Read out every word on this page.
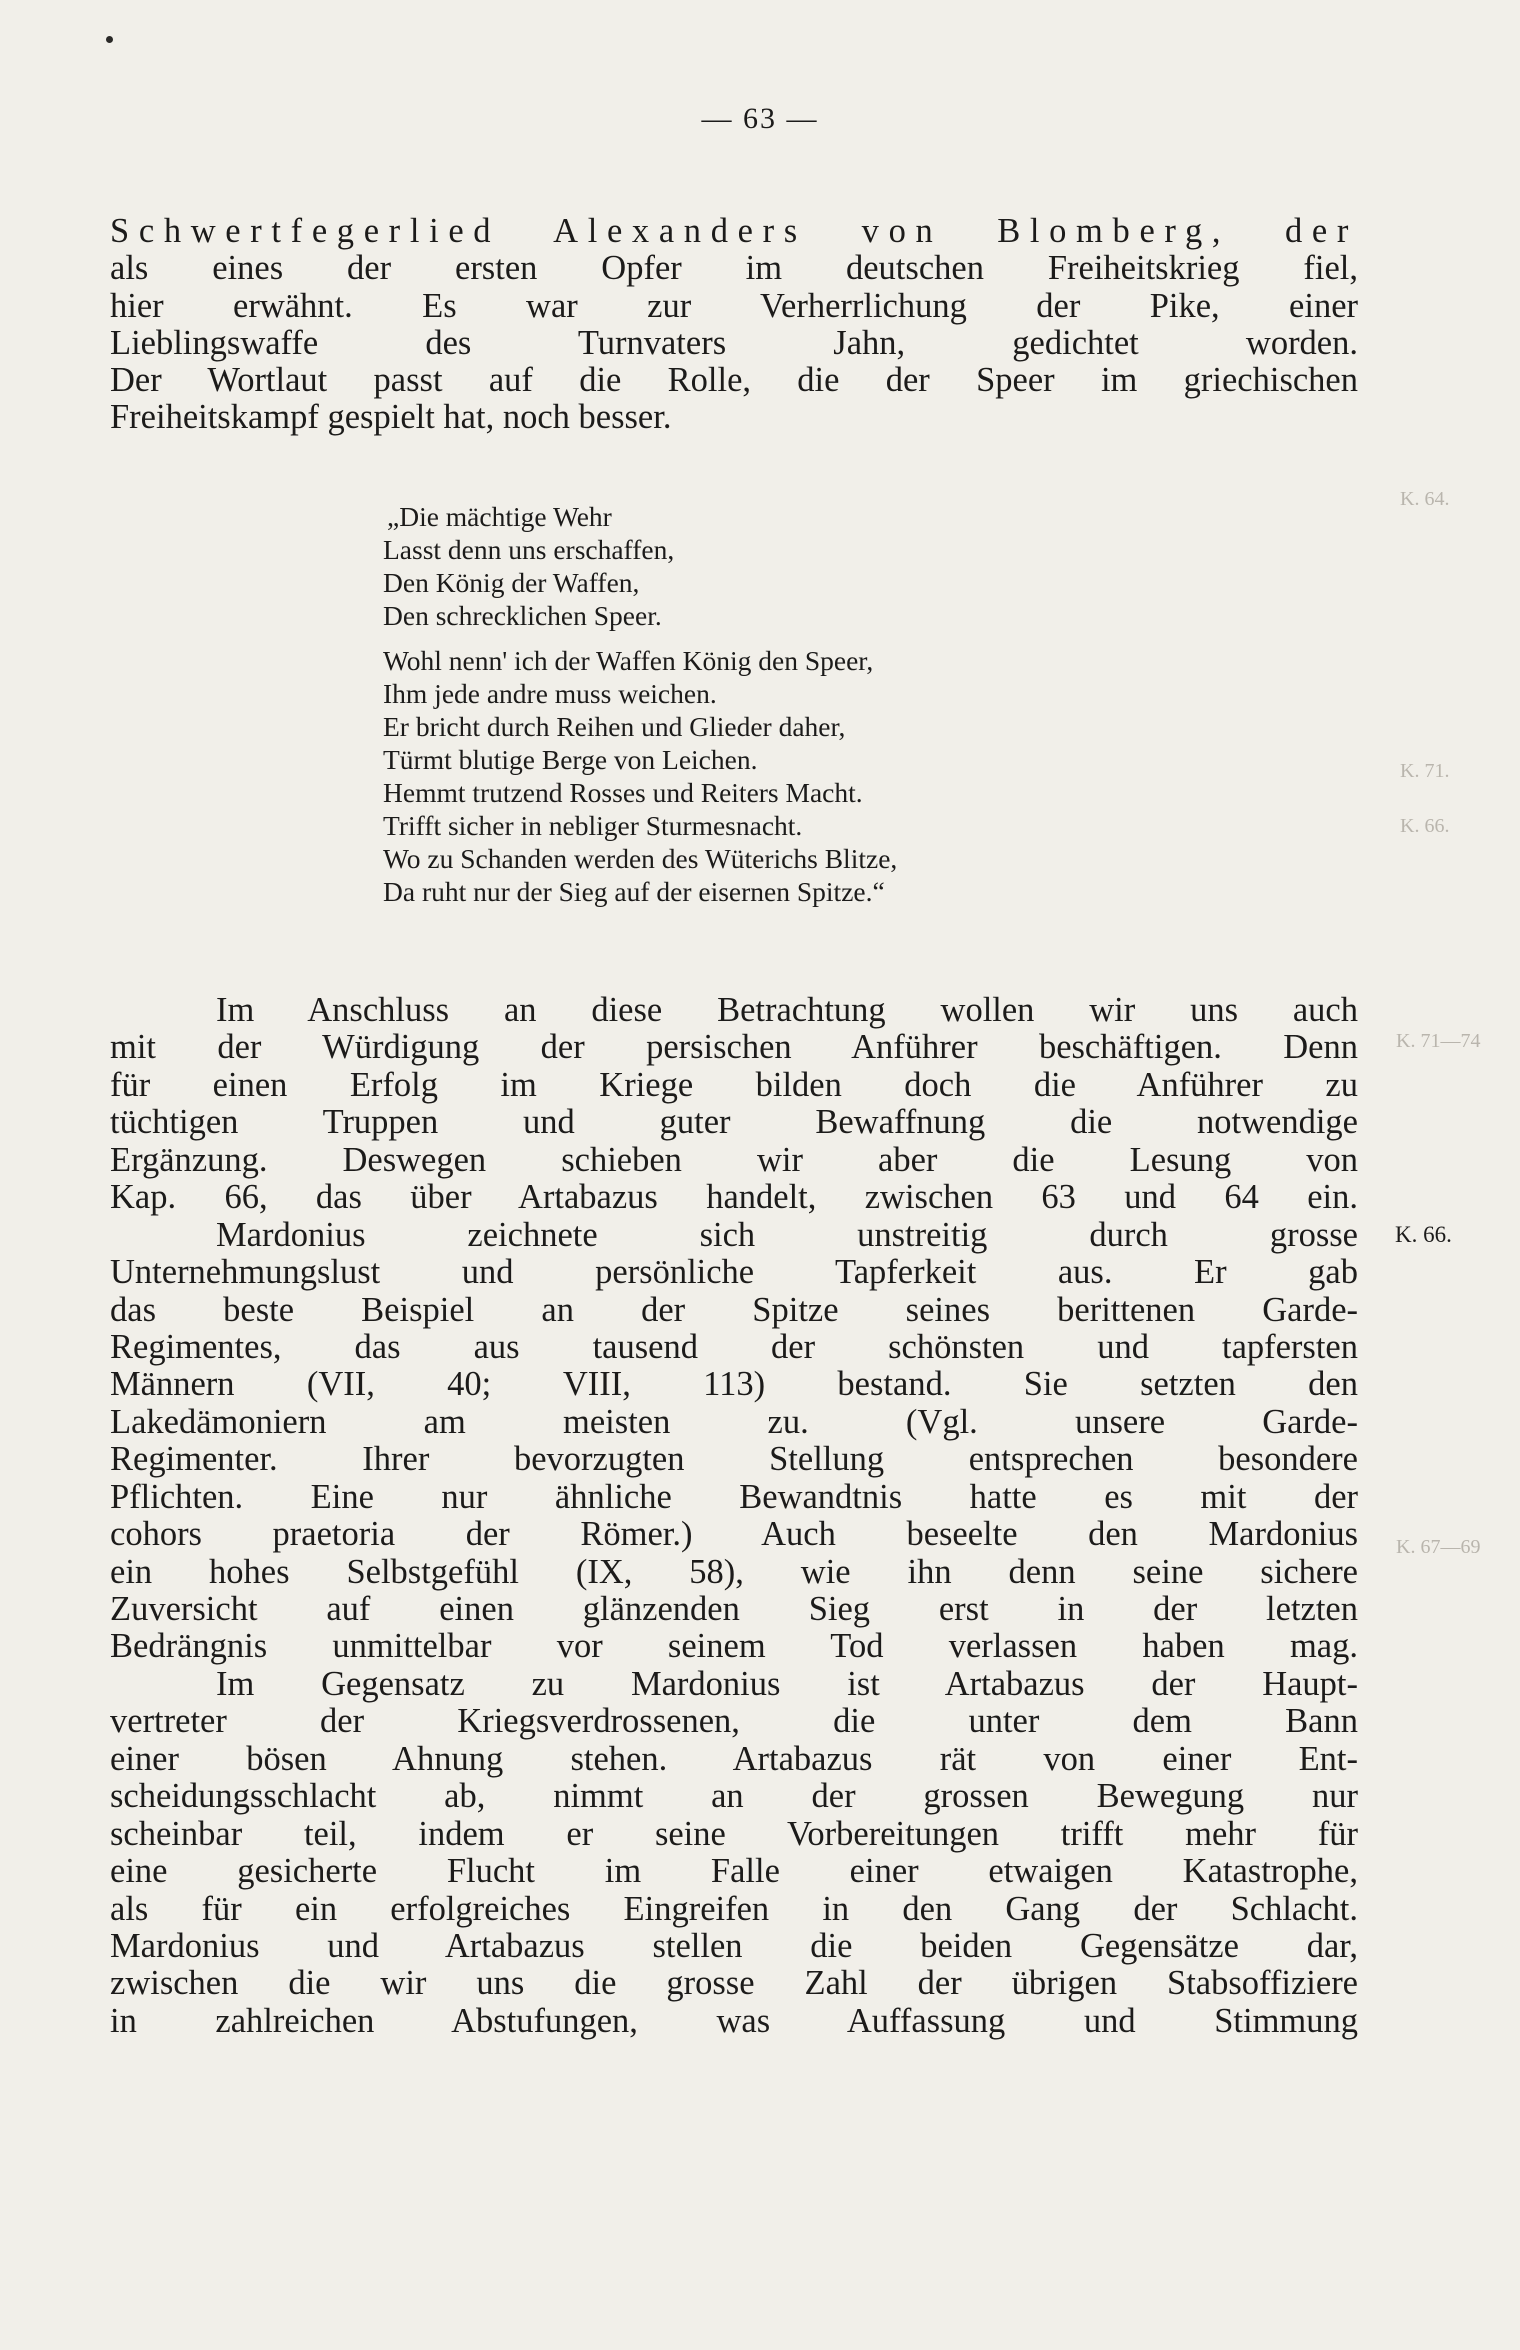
— 63 —
Schwertfegerlied Alexanders von Blomberg, der
als eines der ersten Opfer im deutschen Freiheitskrieg fiel,
hier erwähnt. Es war zur Verherrlichung der Pike, einer
Lieblingswaffe des Turnvaters Jahn, gedichtet worden.
Der Wortlaut passt auf die Rolle, die der Speer im griechischen
Freiheitskampf gespielt hat, noch besser.
„Die mächtige Wehr
Lasst denn uns erschaffen,
Den König der Waffen,
Den schrecklichen Speer.
Wohl nenn' ich der Waffen König den Speer,
Ihm jede andre muss weichen.
Er bricht durch Reihen und Glieder daher,
Türmt blutige Berge von Leichen.
Hemmt trutzend Rosses und Reiters Macht.
Trifft sicher in nebliger Sturmesnacht.
Wo zu Schanden werden des Wüterichs Blitze,
Da ruht nur der Sieg auf der eisernen Spitze.“
Im Anschluss an diese Betrachtung wollen wir uns auch
mit der Würdigung der persischen Anführer beschäftigen. Denn
für einen Erfolg im Kriege bilden doch die Anführer zu
tüchtigen Truppen und guter Bewaffnung die notwendige
Ergänzung. Deswegen schieben wir aber die Lesung von
Kap. 66, das über Artabazus handelt, zwischen 63 und 64 ein.
Mardonius zeichnete sich unstreitig durch grosse
Unternehmungslust und persönliche Tapferkeit aus. Er gab
das beste Beispiel an der Spitze seines berittenen Garde-
Regimentes, das aus tausend der schönsten und tapfersten
Männern (VII, 40; VIII, 113) bestand. Sie setzten den
Lakedämoniern am meisten zu. (Vgl. unsere Garde-
Regimenter. Ihrer bevorzugten Stellung entsprechen besondere
Pflichten. Eine nur ähnliche Bewandtnis hatte es mit der
cohors praetoria der Römer.) Auch beseelte den Mardonius
ein hohes Selbstgefühl (IX, 58), wie ihn denn seine sichere
Zuversicht auf einen glänzenden Sieg erst in der letzten
Bedrängnis unmittelbar vor seinem Tod verlassen haben mag.
Im Gegensatz zu Mardonius ist Artabazus der Haupt-
vertreter der Kriegsverdrossenen, die unter dem Bann
einer bösen Ahnung stehen. Artabazus rät von einer Ent-
scheidungsschlacht ab, nimmt an der grossen Bewegung nur
scheinbar teil, indem er seine Vorbereitungen trifft mehr für
eine gesicherte Flucht im Falle einer etwaigen Katastrophe,
als für ein erfolgreiches Eingreifen in den Gang der Schlacht.
Mardonius und Artabazus stellen die beiden Gegensätze dar,
zwischen die wir uns die grosse Zahl der übrigen Stabsoffiziere
in zahlreichen Abstufungen, was Auffassung und Stimmung
K. 66.
K. 64.
K. 66.
K. 71.
K. 71—74
K. 67—69
